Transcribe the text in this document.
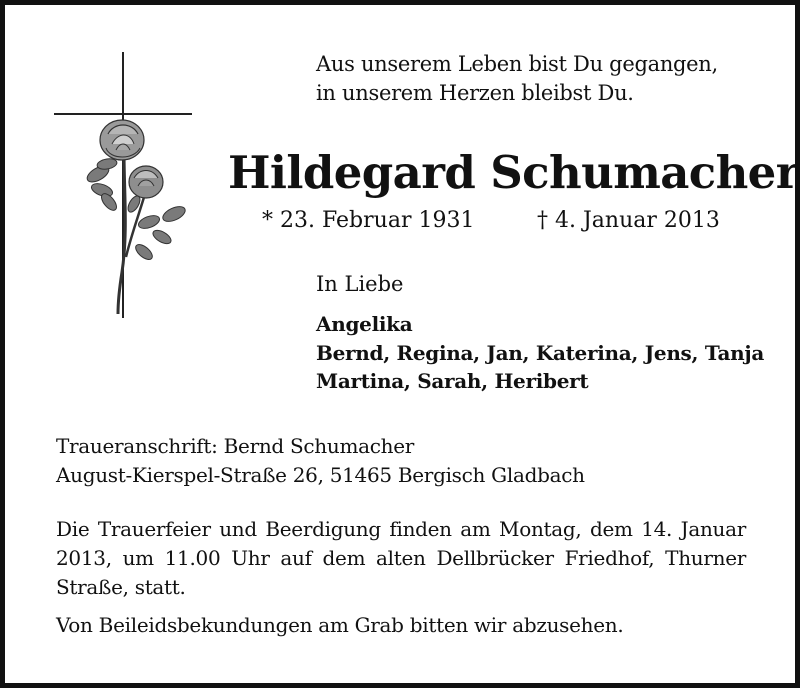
Aus unserem Leben bist Du gegangen,
in unserem Herzen bleibst Du.
Hildegard Schumacher
* 23. Februar 1931	† 4. Januar 2013
In Liebe
Angelika
Bernd, Regina, Jan, Katerina, Jens, Tanja
Martina, Sarah, Heribert
Traueranschrift: Bernd Schumacher
August-Kierspel-Straße 26, 51465 Bergisch Gladbach
Die Trauerfeier und Beerdigung finden am Montag, dem 14. Januar
2013, um 11.00 Uhr auf dem alten Dellbrücker Friedhof, Thurner
Straße, statt.
Von Beileidsbekundungen am Grab bitten wir abzusehen.
